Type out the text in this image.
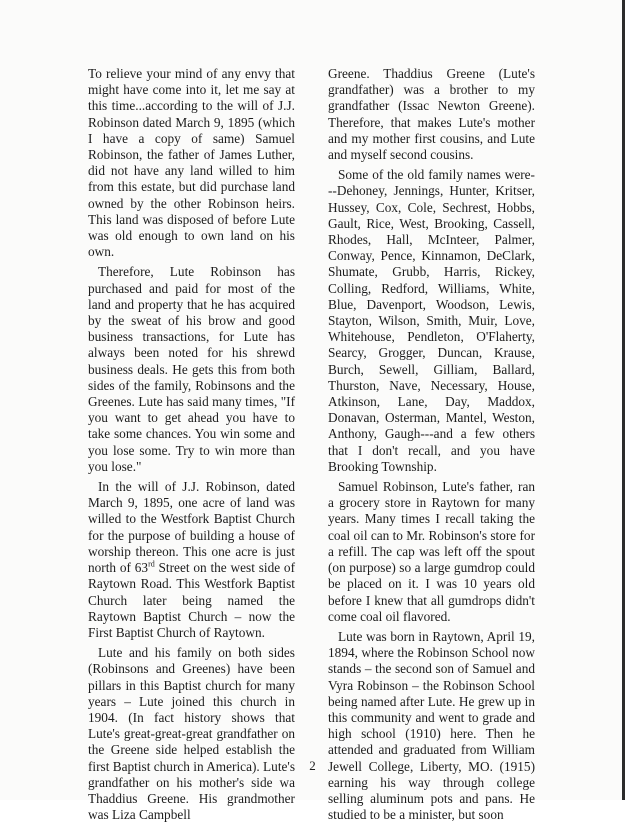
To relieve your mind of any envy that might have come into it, let me say at this time...according to the will of J.J. Robinson dated March 9, 1895 (which I have a copy of same) Samuel Robinson, the father of James Luther, did not have any land willed to him from this estate, but did purchase land owned by the other Robinson heirs. This land was disposed of before Lute was old enough to own land on his own.

Therefore, Lute Robinson has purchased and paid for most of the land and property that he has acquired by the sweat of his brow and good business transactions, for Lute has always been noted for his shrewd business deals. He gets this from both sides of the family, Robinsons and the Greenes. Lute has said many times, "If you want to get ahead you have to take some chances. You win some and you lose some. Try to win more than you lose."

In the will of J.J. Robinson, dated March 9, 1895, one acre of land was willed to the Westfork Baptist Church for the purpose of building a house of worship thereon. This one acre is just north of 63rd Street on the west side of Raytown Road. This Westfork Baptist Church later being named the Raytown Baptist Church – now the First Baptist Church of Raytown.

Lute and his family on both sides (Robinsons and Greenes) have been pillars in this Baptist church for many years – Lute joined this church in 1904. (In fact history shows that Lute's great-great-great grandfather on the Greene side helped establish the first Baptist church in America). Lute's grandfather on his mother's side wa Thaddius Greene. His grandmother was Liza Campbell

Greene. Thaddius Greene (Lute's grandfather) was a brother to my grandfather (Issac Newton Greene). Therefore, that makes Lute's mother and my mother first cousins, and Lute and myself second cousins.

Some of the old family names were---Dehoney, Jennings, Hunter, Kritser, Hussey, Cox, Cole, Sechrest, Hobbs, Gault, Rice, West, Brooking, Cassell, Rhodes, Hall, McInteer, Palmer, Conway, Pence, Kinnamon, DeClark, Shumate, Grubb, Harris, Rickey, Colling, Redford, Williams, White, Blue, Davenport, Woodson, Lewis, Stayton, Wilson, Smith, Muir, Love, Whitehouse, Pendleton, O'Flaherty, Searcy, Grogger, Duncan, Krause, Burch, Sewell, Gilliam, Ballard, Thurston, Nave, Necessary, House, Atkinson, Lane, Day, Maddox, Donavan, Osterman, Mantel, Weston, Anthony, Gaugh---and a few others that I don't recall, and you have Brooking Township.

Samuel Robinson, Lute's father, ran a grocery store in Raytown for many years. Many times I recall taking the coal oil can to Mr. Robinson's store for a refill. The cap was left off the spout (on purpose) so a large gumdrop could be placed on it. I was 10 years old before I knew that all gumdrops didn't come coal oil flavored.

Lute was born in Raytown, April 19, 1894, where the Robinson School now stands – the second son of Samuel and Vyra Robinson – the Robinson School being named after Lute. He grew up in this community and went to grade and high school (1910) here. Then he attended and graduated from William Jewell College, Liberty, MO. (1915) earning his way through college selling aluminum pots and pans. He studied to be a minister, but soon

2
